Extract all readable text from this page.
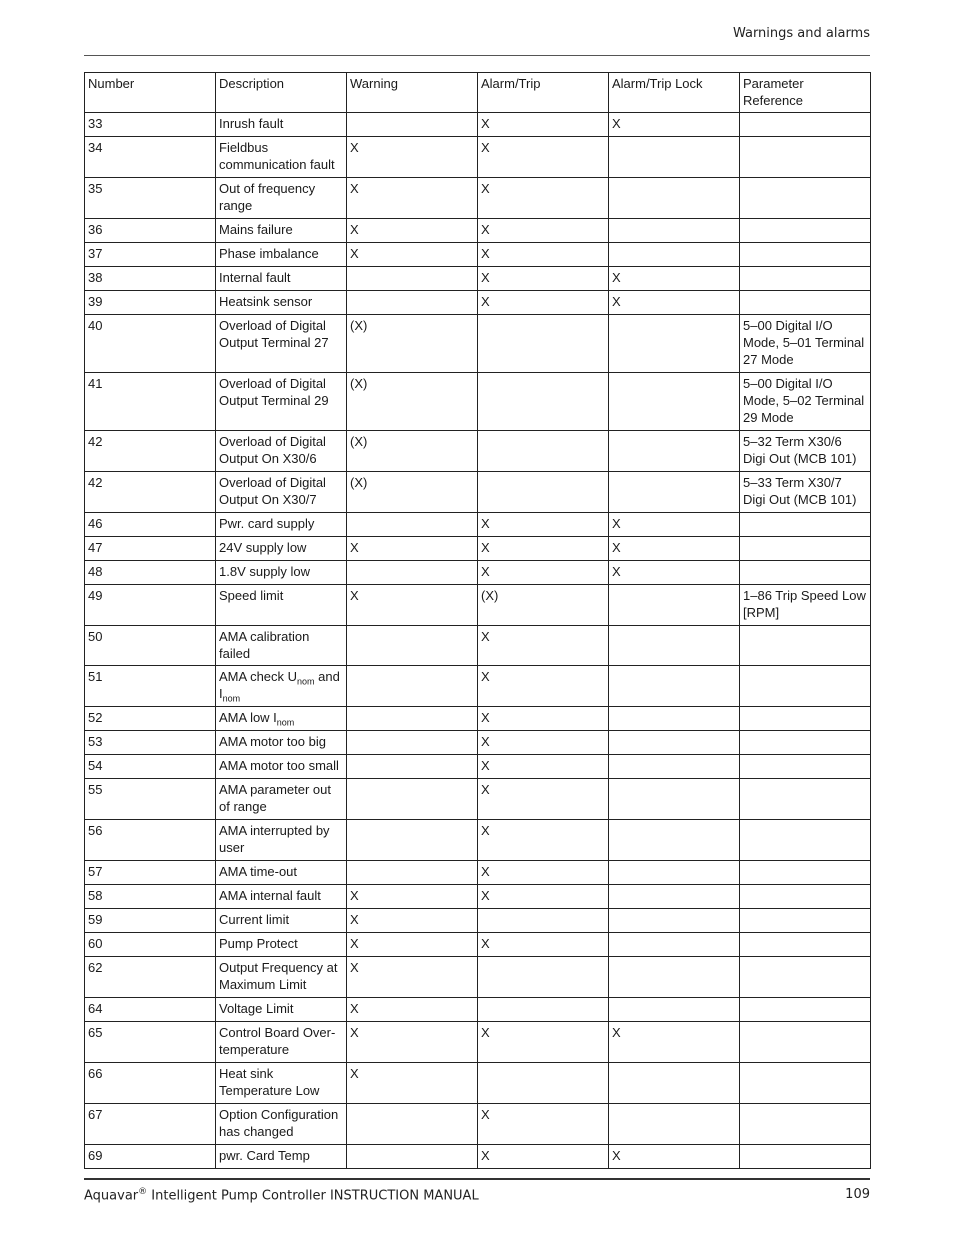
Warnings and alarms
Number	Description	Warning	Alarm/Trip	Alarm/Trip Lock	Parameter Reference
33	Inrush fault		X	X	
34	Fieldbus communication fault	X	X		
35	Out of frequency range	X	X		
36	Mains failure	X	X		
37	Phase imbalance	X	X		
38	Internal fault		X	X	
39	Heatsink sensor		X	X	
40	Overload of Digital Output Terminal 27	(X)			5–00 Digital I/O Mode, 5–01 Terminal 27 Mode
41	Overload of Digital Output Terminal 29	(X)			5–00 Digital I/O Mode, 5–02 Terminal 29 Mode
42	Overload of Digital Output On X30/6	(X)			5–32 Term X30/6 Digi Out (MCB 101)
42	Overload of Digital Output On X30/7	(X)			5–33 Term X30/7 Digi Out (MCB 101)
46	Pwr. card supply		X	X	
47	24V supply low	X	X	X	
48	1.8V supply low		X	X	
49	Speed limit	X	(X)		1–86 Trip Speed Low [RPM]
50	AMA calibration failed		X		
51	AMA check $U_{nom}$ and $I_{nom}$		X		
52	AMA low $I_{nom}$		X		
53	AMA motor too big		X		
54	AMA motor too small		X		
55	AMA parameter out of range		X		
56	AMA interrupted by user		X		
57	AMA time-out		X		
58	AMA internal fault	X	X		
59	Current limit	X			
60	Pump Protect	X	X		
62	Output Frequency at Maximum Limit	X			
64	Voltage Limit	X			
65	Control Board Over-temperature	X	X	X	
66	Heat sink Temperature Low	X			
67	Option Configuration has changed		X		
69	pwr. Card Temp		X	X	
Aquavar® Intelligent Pump Controller INSTRUCTION MANUAL	109
